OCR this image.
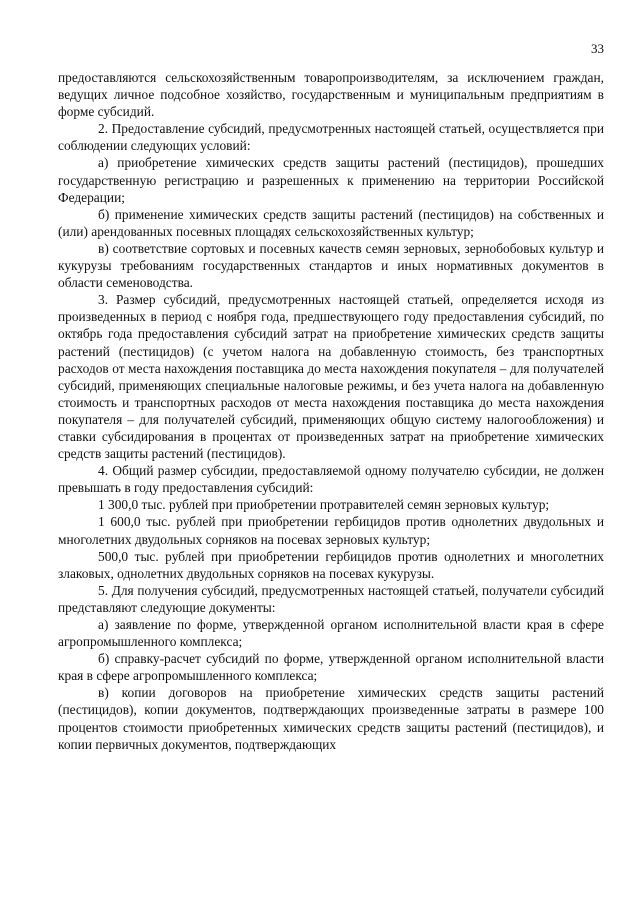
33

предоставляются сельскохозяйственным товаропроизводителям, за исключением граждан, ведущих личное подсобное хозяйство, государственным и муниципальным предприятиям в форме субсидий.

2. Предоставление субсидий, предусмотренных настоящей статьей, осуществляется при соблюдении следующих условий:

а) приобретение химических средств защиты растений (пестицидов), прошедших государственную регистрацию и разрешенных к применению на территории Российской Федерации;

б) применение химических средств защиты растений (пестицидов) на собственных и (или) арендованных посевных площадях сельскохозяйственных культур;

в) соответствие сортовых и посевных качеств семян зерновых, зернобобовых культур и кукурузы требованиям государственных стандартов и иных нормативных документов в области семеноводства.

3. Размер субсидий, предусмотренных настоящей статьей, определяется исходя из произведенных в период с ноября года, предшествующего году предоставления субсидий, по октябрь года предоставления субсидий затрат на приобретение химических средств защиты растений (пестицидов) (с учетом налога на добавленную стоимость, без транспортных расходов от места нахождения поставщика до места нахождения покупателя – для получателей субсидий, применяющих специальные налоговые режимы, и без учета налога на добавленную стоимость и транспортных расходов от места нахождения поставщика до места нахождения покупателя – для получателей субсидий, применяющих общую систему налогообложения) и ставки субсидирования в процентах от произведенных затрат на приобретение химических средств защиты растений (пестицидов).

4. Общий размер субсидии, предоставляемой одному получателю субсидии, не должен превышать в году предоставления субсидий:

1 300,0 тыс. рублей при приобретении протравителей семян зерновых культур;

1 600,0 тыс. рублей при приобретении гербицидов против однолетних двудольных и многолетних двудольных сорняков на посевах зерновых культур;

500,0 тыс. рублей при приобретении гербицидов против однолетних и многолетних злаковых, однолетних двудольных сорняков на посевах кукурузы.

5. Для получения субсидий, предусмотренных настоящей статьей, получатели субсидий представляют следующие документы:

а) заявление по форме, утвержденной органом исполнительной власти края в сфере агропромышленного комплекса;

б) справку-расчет субсидий по форме, утвержденной органом исполнительной власти края в сфере агропромышленного комплекса;

в) копии договоров на приобретение химических средств защиты растений (пестицидов), копии документов, подтверждающих произведенные затраты в размере 100 процентов стоимости приобретенных химических средств защиты растений (пестицидов), и копии первичных документов, подтверждающих
